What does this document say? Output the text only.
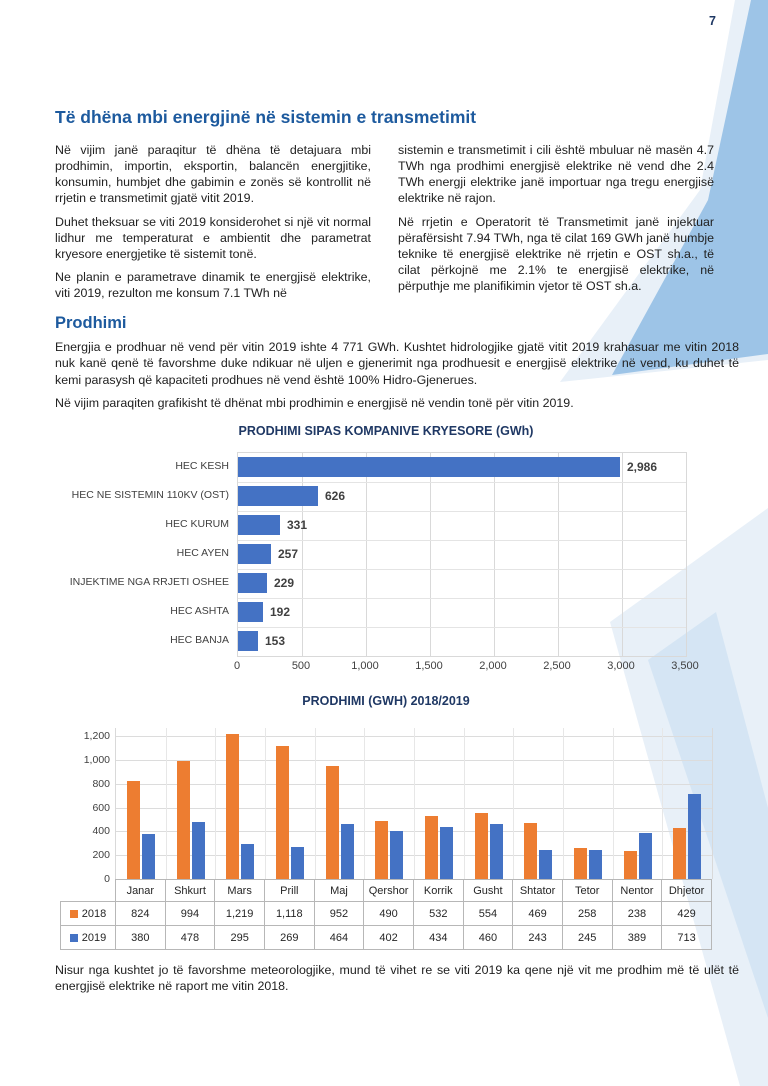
7
Të dhëna mbi energjinë në sistemin e transmetimit

Në vijim janë paraqitur të dhëna të detajuara mbi prodhimin, importin, eksportin, balancën energjitike, konsumin, humbjet dhe gabimin e zonës së kontrollit në rrjetin e transmetimit gjatë vitit 2019.

Duhet theksuar se viti 2019 konsiderohet si një vit normal lidhur me temperaturat e ambientit dhe parametrat kryesore energjetike të sistemit tonë.

Ne planin e parametrave dinamik te energjisë elektrike, viti 2019, rezulton me konsum 7.1 TWh në

sistemin e transmetimit i cili është mbuluar në masën 4.7 TWh nga prodhimi energjisë elektrike në vend dhe 2.4 TWh energji elektrike janë importuar nga tregu energjisë elektrike në rajon.

Në rrjetin e Operatorit të Transmetimit janë injektuar përafërsisht 7.94 TWh, nga të cilat 169 GWh janë humbje teknike të energjisë elektrike në rrjetin e OST sh.a., të cilat përkojnë me 2.1% te energjisë elektrike, në përputhje me planifikimin vjetor të OST sh.a.

Prodhimi

Energjia e prodhuar në vend për vitin 2019 ishte 4 771 GWh. Kushtet hidrologjike gjatë vitit 2019 krahasuar me vitin 2018 nuk kanë qenë të favorshme duke ndikuar në uljen e gjenerimit nga prodhuesit e energjisë elektrike në vend, ku duhet të kemi parasysh që kapaciteti prodhues në vend është 100% Hidro-Gjenerues.

Në vijim paraqiten grafikisht të dhënat mbi prodhimin e energjisë në vendin tonë për vitin 2019.

PRODHIMI SIPAS KOMPANIVE KRYESORE (GWh)
HEC KESH
HEC NE SISTEMIN 110KV (OST)
HEC KURUM
HEC AYEN
INJEKTIME NGA RRJETI OSHEE
HEC ASHTA
HEC BANJA
2,986
626
331
257
229
192
153
0	500	1,000	1,500	2,000	2,500	3,000	3,500
PRODHIMI (GWH) 2018/2019
0
200
400
600
800
1,000
1,200
	Janar	Shkurt	Mars	Prill	Maj	Qershor	Korrik	Gusht	Shtator	Tetor	Nentor	Dhjetor
2018	824	994	1,219	1,118	952	490	532	554	469	258	238	429
2019	380	478	295	269	464	402	434	460	243	245	389	713
Nisur nga kushtet jo të favorshme meteorologjike, mund të vihet re se viti 2019 ka qene një vit me prodhim më të ulët të energjisë elektrike në raport me vitin 2018.
